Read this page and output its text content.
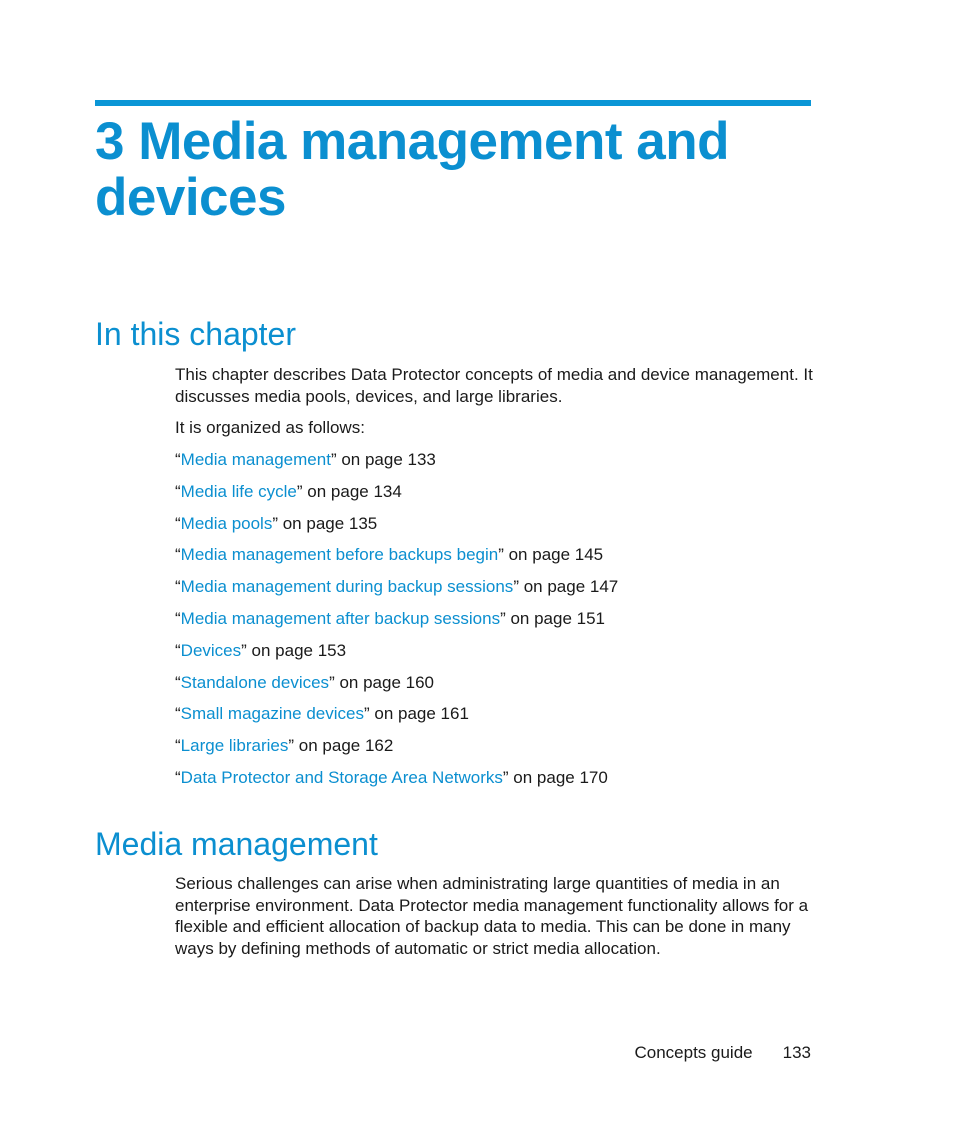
3 Media management and devices
In this chapter

This chapter describes Data Protector concepts of media and device management. It discusses media pools, devices, and large libraries.

It is organized as follows:

“Media management” on page 133
“Media life cycle” on page 134
“Media pools” on page 135
“Media management before backups begin” on page 145
“Media management during backup sessions” on page 147
“Media management after backup sessions” on page 151
“Devices” on page 153
“Standalone devices” on page 160
“Small magazine devices” on page 161
“Large libraries” on page 162
“Data Protector and Storage Area Networks” on page 170
Media management

Serious challenges can arise when administrating large quantities of media in an enterprise environment. Data Protector media management functionality allows for a flexible and efficient allocation of backup data to media. This can be done in many ways by defining methods of automatic or strict media allocation.

Concepts guide 133
